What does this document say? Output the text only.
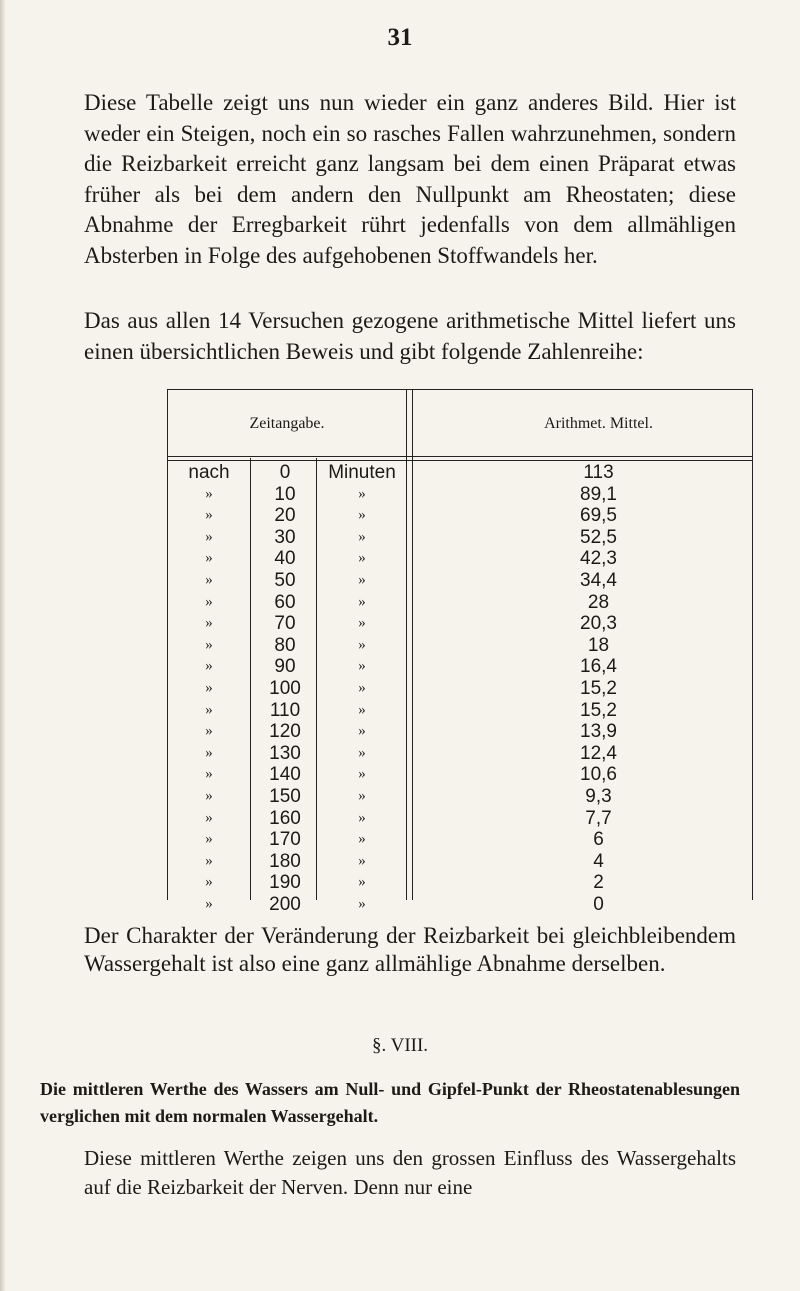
31

Diese Tabelle zeigt uns nun wieder ein ganz anderes Bild. Hier ist weder ein Steigen, noch ein so rasches Fallen wahrzunehmen, sondern die Reizbarkeit erreicht ganz langsam bei dem einen Präparat etwas früher als bei dem andern den Nullpunkt am Rheostaten; diese Abnahme der Erregbarkeit rührt jedenfalls von dem allmähligen Absterben in Folge des aufgehobenen Stoffwandels her.

Das aus allen 14 Versuchen gezogene arithmetische Mittel liefert uns einen übersichtlichen Beweis und gibt folgende Zahlenreihe:

Zeitangabe.	Arithmet. Mittel.
nach	0	Minuten	113
»	10	»	89,1
»	20	»	69,5
»	30	»	52,5
»	40	»	42,3
»	50	»	34,4
»	60	»	28
»	70	»	20,3
»	80	»	18
»	90	»	16,4
»	100	»	15,2
»	110	»	15,2
»	120	»	13,9
»	130	»	12,4
»	140	»	10,6
»	150	»	9,3
»	160	»	7,7
»	170	»	6
»	180	»	4
»	190	»	2
»	200	»	0

Der Charakter der Veränderung der Reizbarkeit bei gleichbleibendem Wassergehalt ist also eine ganz allmählige Abnahme derselben.

§. VIII.

Die mittleren Werthe des Wassers am Null- und Gipfel-Punkt der Rheostatenablesungen verglichen mit dem normalen Wassergehalt.

Diese mittleren Werthe zeigen uns den grossen Einfluss des Wassergehalts auf die Reizbarkeit der Nerven. Denn nur eine
